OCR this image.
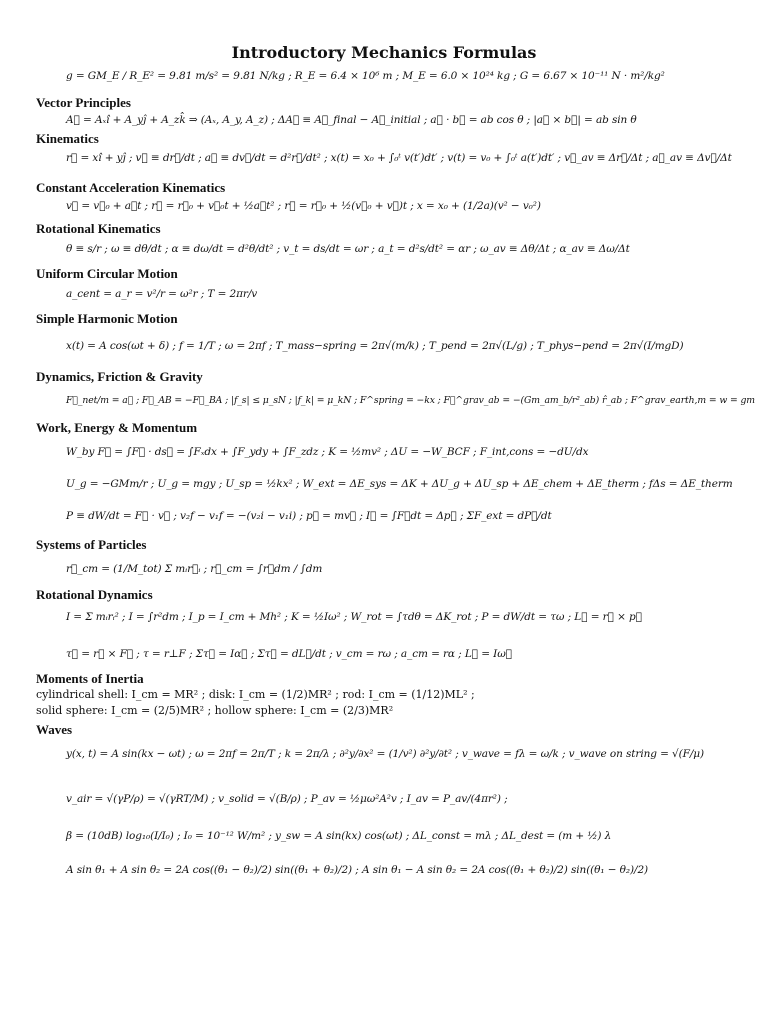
Introductory Mechanics Formulas

g = GM_E / R_E² = 9.81 m/s² = 9.81 N/kg ; R_E = 6.4 × 10⁶ m ; M_E = 6.0 × 10²⁴ kg ; G = 6.67 × 10⁻¹¹ N · m²/kg²

Vector Principles

A⃗ = Aₓî + A_yĵ + A_zk̂ ⇒ (Aₓ, A_y, A_z) ; ΔA⃗ ≡ A⃗_final − A⃗_initial ; a⃗ · b⃗ = ab cos θ ; |a⃗ × b⃗| = ab sin θ

Kinematics

r⃗ = xî + yĵ ; v⃗ ≡ dr⃗/dt ; a⃗ ≡ dv⃗/dt = d²r⃗/dt² ; x(t) = x₀ + ∫₀ᵗ v(t′)dt′ ; v(t) = v₀ + ∫₀ᵗ a(t′)dt′ ; v⃗_av ≡ Δr⃗/Δt ; a⃗_av ≡ Δv⃗/Δt

Constant Acceleration Kinematics

v⃗ = v⃗₀ + a⃗t ; r⃗ = r⃗₀ + v⃗₀t + ½a⃗t² ; r⃗ = r⃗₀ + ½(v⃗₀ + v⃗)t ; x = x₀ + (1/2a)(v² − v₀²)

Rotational Kinematics

θ ≡ s/r ; ω ≡ dθ/dt ; α ≡ dω/dt = d²θ/dt² ; v_t = ds/dt = ωr ; a_t = d²s/dt² = αr ; ω_av ≡ Δθ/Δt ; α_av ≡ Δω/Δt

Uniform Circular Motion

a_cent = a_r = v²/r = ω²r ; T = 2πr/v

Simple Harmonic Motion

x(t) = A cos(ωt + δ) ; f = 1/T ; ω = 2πf ; T_mass−spring = 2π√(m/k) ; T_pend = 2π√(L/g) ; T_phys−pend = 2π√(I/mgD)

Dynamics, Friction & Gravity

F⃗_net/m = a⃗ ; F⃗_AB = −F⃗_BA ; |f_s| ≤ μ_sN ; |f_k| = μ_kN ; F^spring = −kx ; F⃗^grav_ab = −(Gm_am_b/r²_ab) r̂_ab ; F^grav_earth,m = w = gm

Work, Energy & Momentum

W_by F⃗ = ∫F⃗ · ds⃗ = ∫Fₓdx + ∫F_ydy + ∫F_zdz ; K = ½mv² ; ΔU = −W_BCF ; F_int,cons = −dU/dx

U_g = −GMm/r ; U_g = mgy ; U_sp = ½kx² ; W_ext = ΔE_sys = ΔK + ΔU_g + ΔU_sp + ΔE_chem + ΔE_therm ; fΔs = ΔE_therm

P ≡ dW/dt = F⃗ · v⃗ ; v₂f − v₁f = −(v₂i − v₁i) ; p⃗ = mv⃗ ; I⃗ = ∫F⃗dt = Δp⃗ ; ΣF_ext = dP⃗/dt

Systems of Particles

r⃗_cm = (1/M_tot) Σ mᵢr⃗ᵢ ; r⃗_cm = ∫r⃗dm / ∫dm

Rotational Dynamics

I = Σ mᵢrᵢ² ; I = ∫r²dm ; I_p = I_cm + Mh² ; K = ½Iω² ; W_rot = ∫τdθ = ΔK_rot ; P = dW/dt = τω ; L⃗ = r⃗ × p⃗

τ⃗ = r⃗ × F⃗ ; τ = r⊥F ; Στ⃗ = Iα⃗ ; Στ⃗ = dL⃗/dt ; v_cm = rω ; a_cm = rα ; L⃗ = Iω⃗

Moments of Inertia

cylindrical shell: I_cm = MR² ; disk: I_cm = (1/2)MR² ; rod: I_cm = (1/12)ML² ;

solid sphere: I_cm = (2/5)MR² ; hollow sphere: I_cm = (2/3)MR²

Waves

y(x, t) = A sin(kx − ωt) ; ω = 2πf = 2π/T ; k = 2π/λ ; ∂²y/∂x² = (1/v²) ∂²y/∂t² ; v_wave = fλ = ω/k ; v_wave on string = √(F/μ)

v_air = √(γP/ρ) = √(γRT/M) ; v_solid = √(B/ρ) ; P_av = ½μω²A²v ; I_av = P_av/(4πr²) ;

β = (10dB) log₁₀(I/I₀) ; I₀ = 10⁻¹² W/m² ; y_sw = A sin(kx) cos(ωt) ; ΔL_const = mλ ; ΔL_dest = (m + ½) λ

A sin θ₁ + A sin θ₂ = 2A cos((θ₁ − θ₂)/2) sin((θ₁ + θ₂)/2) ; A sin θ₁ − A sin θ₂ = 2A cos((θ₁ + θ₂)/2) sin((θ₁ − θ₂)/2)
